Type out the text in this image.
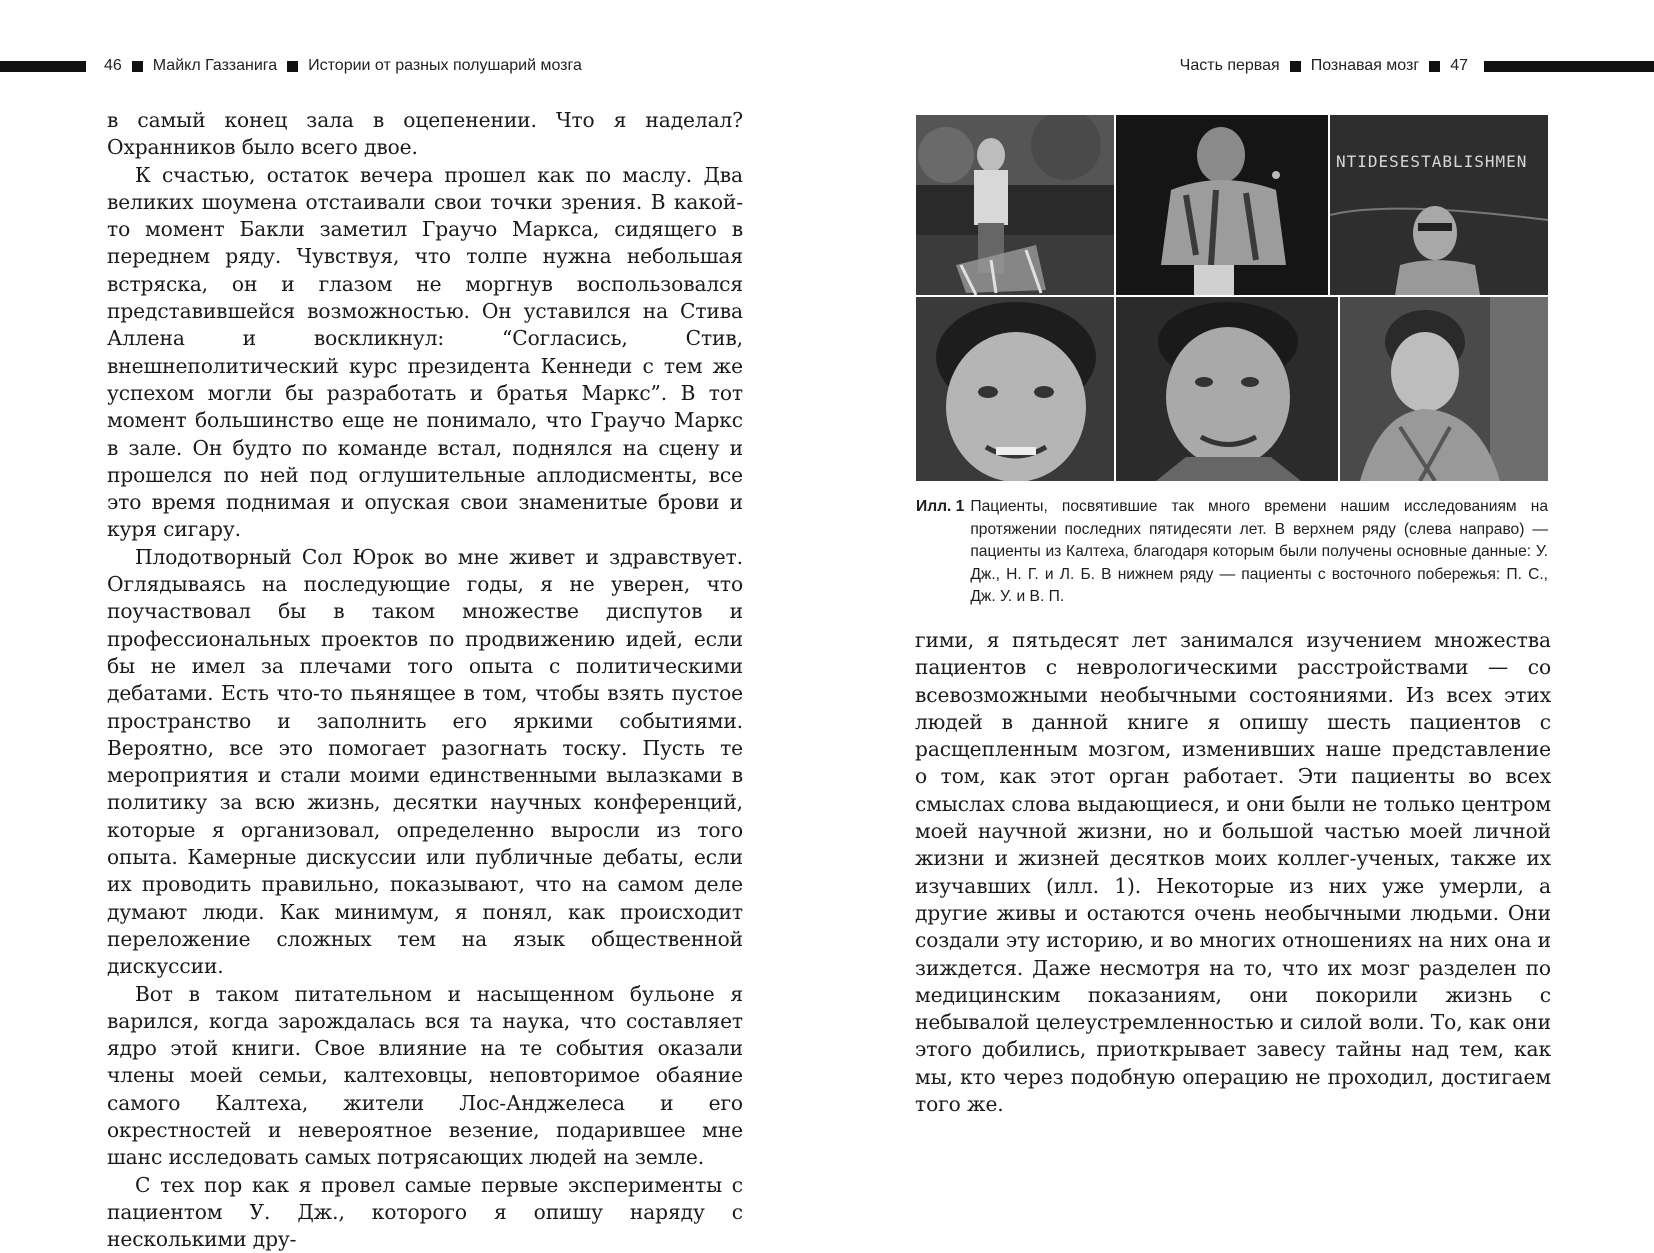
46 Майкл Газзанига Истории от разных полушарий мозга	Часть первая Познавая мозг 47

в самый конец зала в оцепенении. Что я наделал? Охранников было всего двое.

К счастью, остаток вечера прошел как по маслу. Два великих шоумена отстаивали свои точки зрения. В какой-то момент Бакли заметил Граучо Маркса, сидящего в переднем ряду. Чувствуя, что толпе нужна небольшая встряска, он и глазом не моргнув воспользовался представившейся возможностью. Он уставился на Стива Аллена и воскликнул: “Согласись, Стив, внешнеполитический курс президента Кеннеди с тем же успехом могли бы разработать и братья Маркс”. В тот момент большинство еще не понимало, что Граучо Маркс в зале. Он будто по команде встал, поднялся на сцену и прошелся по ней под оглушительные аплодисменты, все это время поднимая и опуская свои знаменитые брови и куря сигару.

Плодотворный Сол Юрок во мне живет и здравствует. Оглядываясь на последующие годы, я не уверен, что поучаствовал бы в таком множестве диспутов и профессиональных проектов по продвижению идей, если бы не имел за плечами того опыта с политическими дебатами. Есть что-то пьянящее в том, чтобы взять пустое пространство и заполнить его яркими событиями. Вероятно, все это помогает разогнать тоску. Пусть те мероприятия и стали моими единственными вылазками в политику за всю жизнь, десятки научных конференций, которые я организовал, определенно выросли из того опыта. Камерные дискуссии или публичные дебаты, если их проводить правильно, показывают, что на самом деле думают люди. Как минимум, я понял, как происходит переложение сложных тем на язык общественной дискуссии.

Вот в таком питательном и насыщенном бульоне я варился, когда зарождалась вся та наука, что составляет ядро этой книги. Свое влияние на те события оказали члены моей семьи, калтеховцы, неповторимое обаяние самого Калтеха, жители Лос-Анджелеса и его окрестностей и невероятное везение, подарившее мне шанс исследовать самых потрясающих людей на земле.

С тех пор как я провел самые первые эксперименты с пациентом У. Дж., которого я опишу наряду с несколькими дру-

NTIDESESTABLISHMEN
Илл. 1 Пациенты, посвятившие так много времени нашим исследованиям на протяжении последних пятидесяти лет. В верхнем ряду (слева направо) — пациенты из Калтеха, благодаря которым были получены основные данные: У. Дж., Н. Г. и Л. Б. В нижнем ряду — пациенты с восточного побережья: П. С., Дж. У. и В. П.

гими, я пятьдесят лет занимался изучением множества пациентов с неврологическими расстройствами — со всевозможными необычными состояниями. Из всех этих людей в данной книге я опишу шесть пациентов с расщепленным мозгом, изменивших наше представление о том, как этот орган работает. Эти пациенты во всех смыслах слова выдающиеся, и они были не только центром моей научной жизни, но и большой частью моей личной жизни и жизней десятков моих коллег-ученых, также их изучавших (илл. 1). Некоторые из них уже умерли, а другие живы и остаются очень необычными людьми. Они создали эту историю, и во многих отношениях на них она и зиждется. Даже несмотря на то, что их мозг разделен по медицинским показаниям, они покорили жизнь с небывалой целеустремленностью и силой воли. То, как они этого добились, приоткрывает завесу тайны над тем, как мы, кто через подобную операцию не проходил, достигаем того же.
